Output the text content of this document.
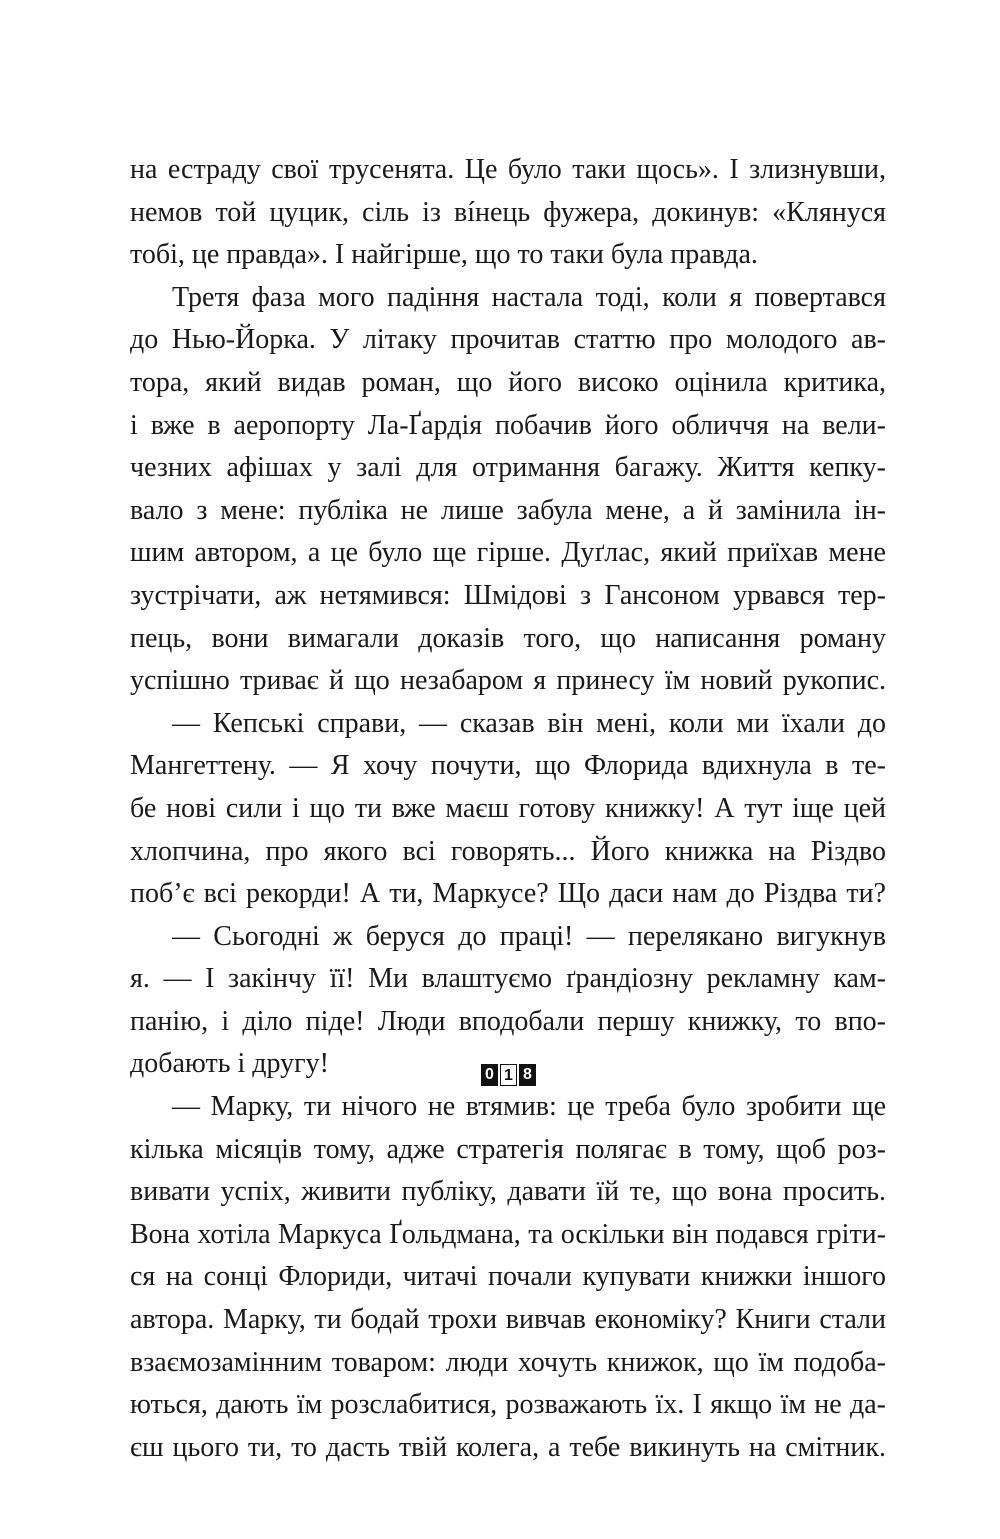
на естраду свої трусенята. Це було таки щось». І злизнувши,
немов той цуцик, сіль із вíнець фужера, докинув: «Клянуся
тобі, це правда». І найгірше, що то таки була правда.
Третя фаза мого падіння настала тоді, коли я повертався
до Нью-Йорка. У літаку прочитав статтю про молодого ав-
тора, який видав роман, що його високо оцінила критика,
і вже в аеропорту Ла-Ґардія побачив його обличчя на вели-
чезних афішах у залі для отримання багажу. Життя кепку-
вало з мене: публіка не лише забула мене, а й замінила ін-
шим автором, а це було ще гірше. Дуґлас, який приїхав мене
зустрічати, аж нетямився: Шмідові з Гансоном урвався тер-
пець, вони вимагали доказів того, що написання роману
успішно триває й що незабаром я принесу їм новий рукопис.
— Кепські справи, — сказав він мені, коли ми їхали до
Мангеттену. — Я хочу почути, що Флорида вдихнула в те-
бе нові сили і що ти вже маєш готову книжку! А тут іще цей
хлопчина, про якого всі говорять... Його книжка на Різдво
поб’є всі рекорди! А ти, Маркусе? Що даси нам до Різдва ти?
— Сьогодні ж беруся до праці! — перелякано вигукнув
я. — І закінчу її! Ми влаштуємо ґрандіозну рекламну кам-
панію, і діло піде! Люди вподобали першу книжку, то впо-
добають і другу!
— Марку, ти нічого не втямив: це треба було зробити ще
кілька місяців тому, адже стратегія полягає в тому, щоб роз-
вивати успіх, живити публіку, давати їй те, що вона просить.
Вона хотіла Маркуса Ґольдмана, та оскільки він подався гріти-
ся на сонці Флориди, читачі почали купувати книжки іншого
автора. Марку, ти бодай трохи вивчав економіку? Книги стали
взаємозамінним товаром: люди хочуть книжок, що їм подоба-
ються, дають їм розслабитися, розважають їх. І якщо їм не да-
єш цього ти, то дасть твій колега, а тебе викинуть на смітник.
0 1 8
